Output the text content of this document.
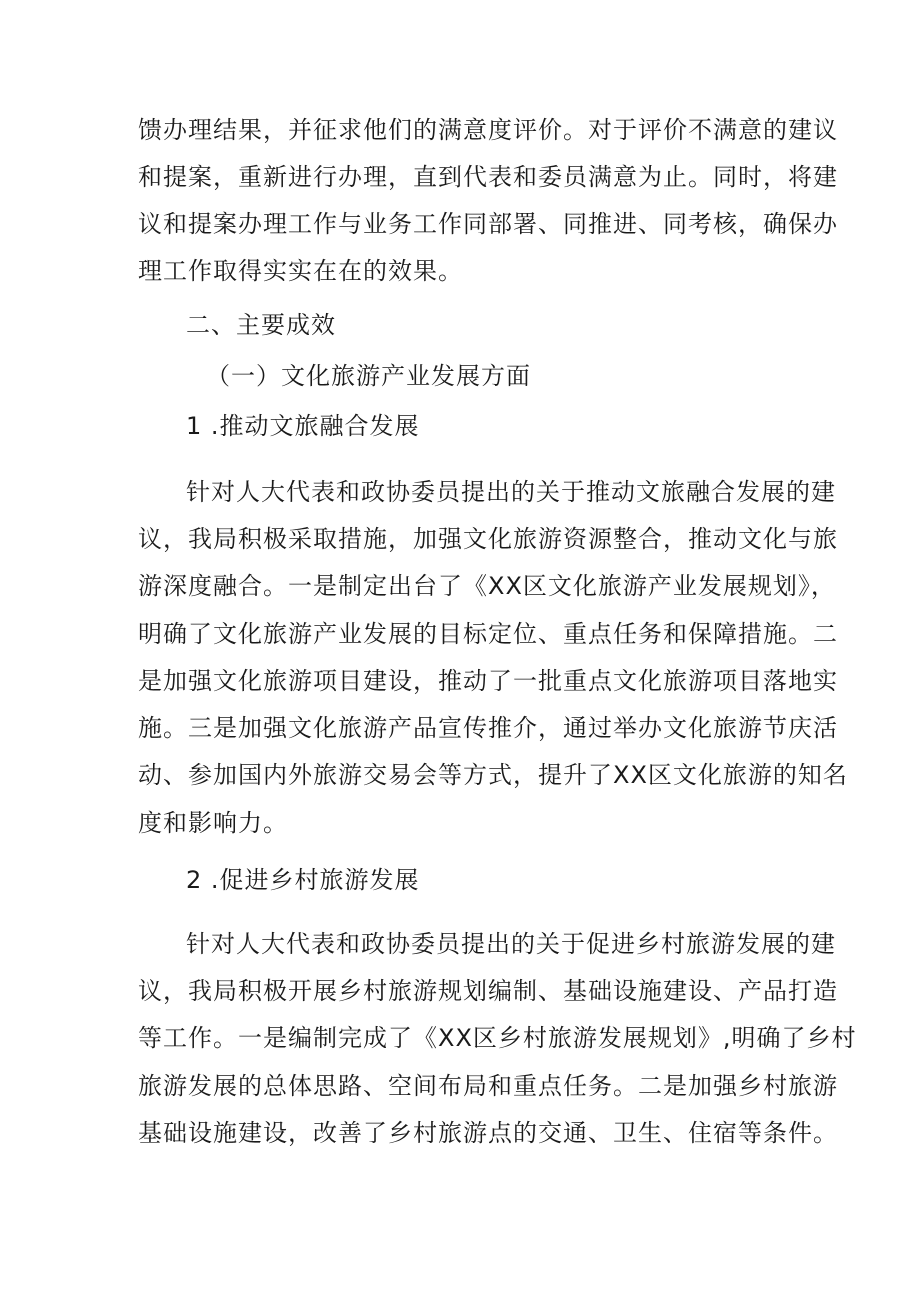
馈办理结果，并征求他们的满意度评价。对于评价不满意的建议
和提案，重新进行办理，直到代表和委员满意为止。同时，将建
议和提案办理工作与业务工作同部署、同推进、同考核，确保办
理工作取得实实在在的效果。
二、主要成效
（一）文化旅游产业发展方面
1 .推动文旅融合发展
针对人大代表和政协委员提出的关于推动文旅融合发展的建
议，我局积极采取措施，加强文化旅游资源整合，推动文化与旅
游深度融合。一是制定出台了《XX区文化旅游产业发展规划》，
明确了文化旅游产业发展的目标定位、重点任务和保障措施。二
是加强文化旅游项目建设，推动了一批重点文化旅游项目落地实
施。三是加强文化旅游产品宣传推介，通过举办文化旅游节庆活
动、参加国内外旅游交易会等方式，提升了XX区文化旅游的知名
度和影响力。
2 .促进乡村旅游发展
针对人大代表和政协委员提出的关于促进乡村旅游发展的建
议，我局积极开展乡村旅游规划编制、基础设施建设、产品打造
等工作。一是编制完成了《XX区乡村旅游发展规划》,明确了乡村
旅游发展的总体思路、空间布局和重点任务。二是加强乡村旅游
基础设施建设，改善了乡村旅游点的交通、卫生、住宿等条件。
